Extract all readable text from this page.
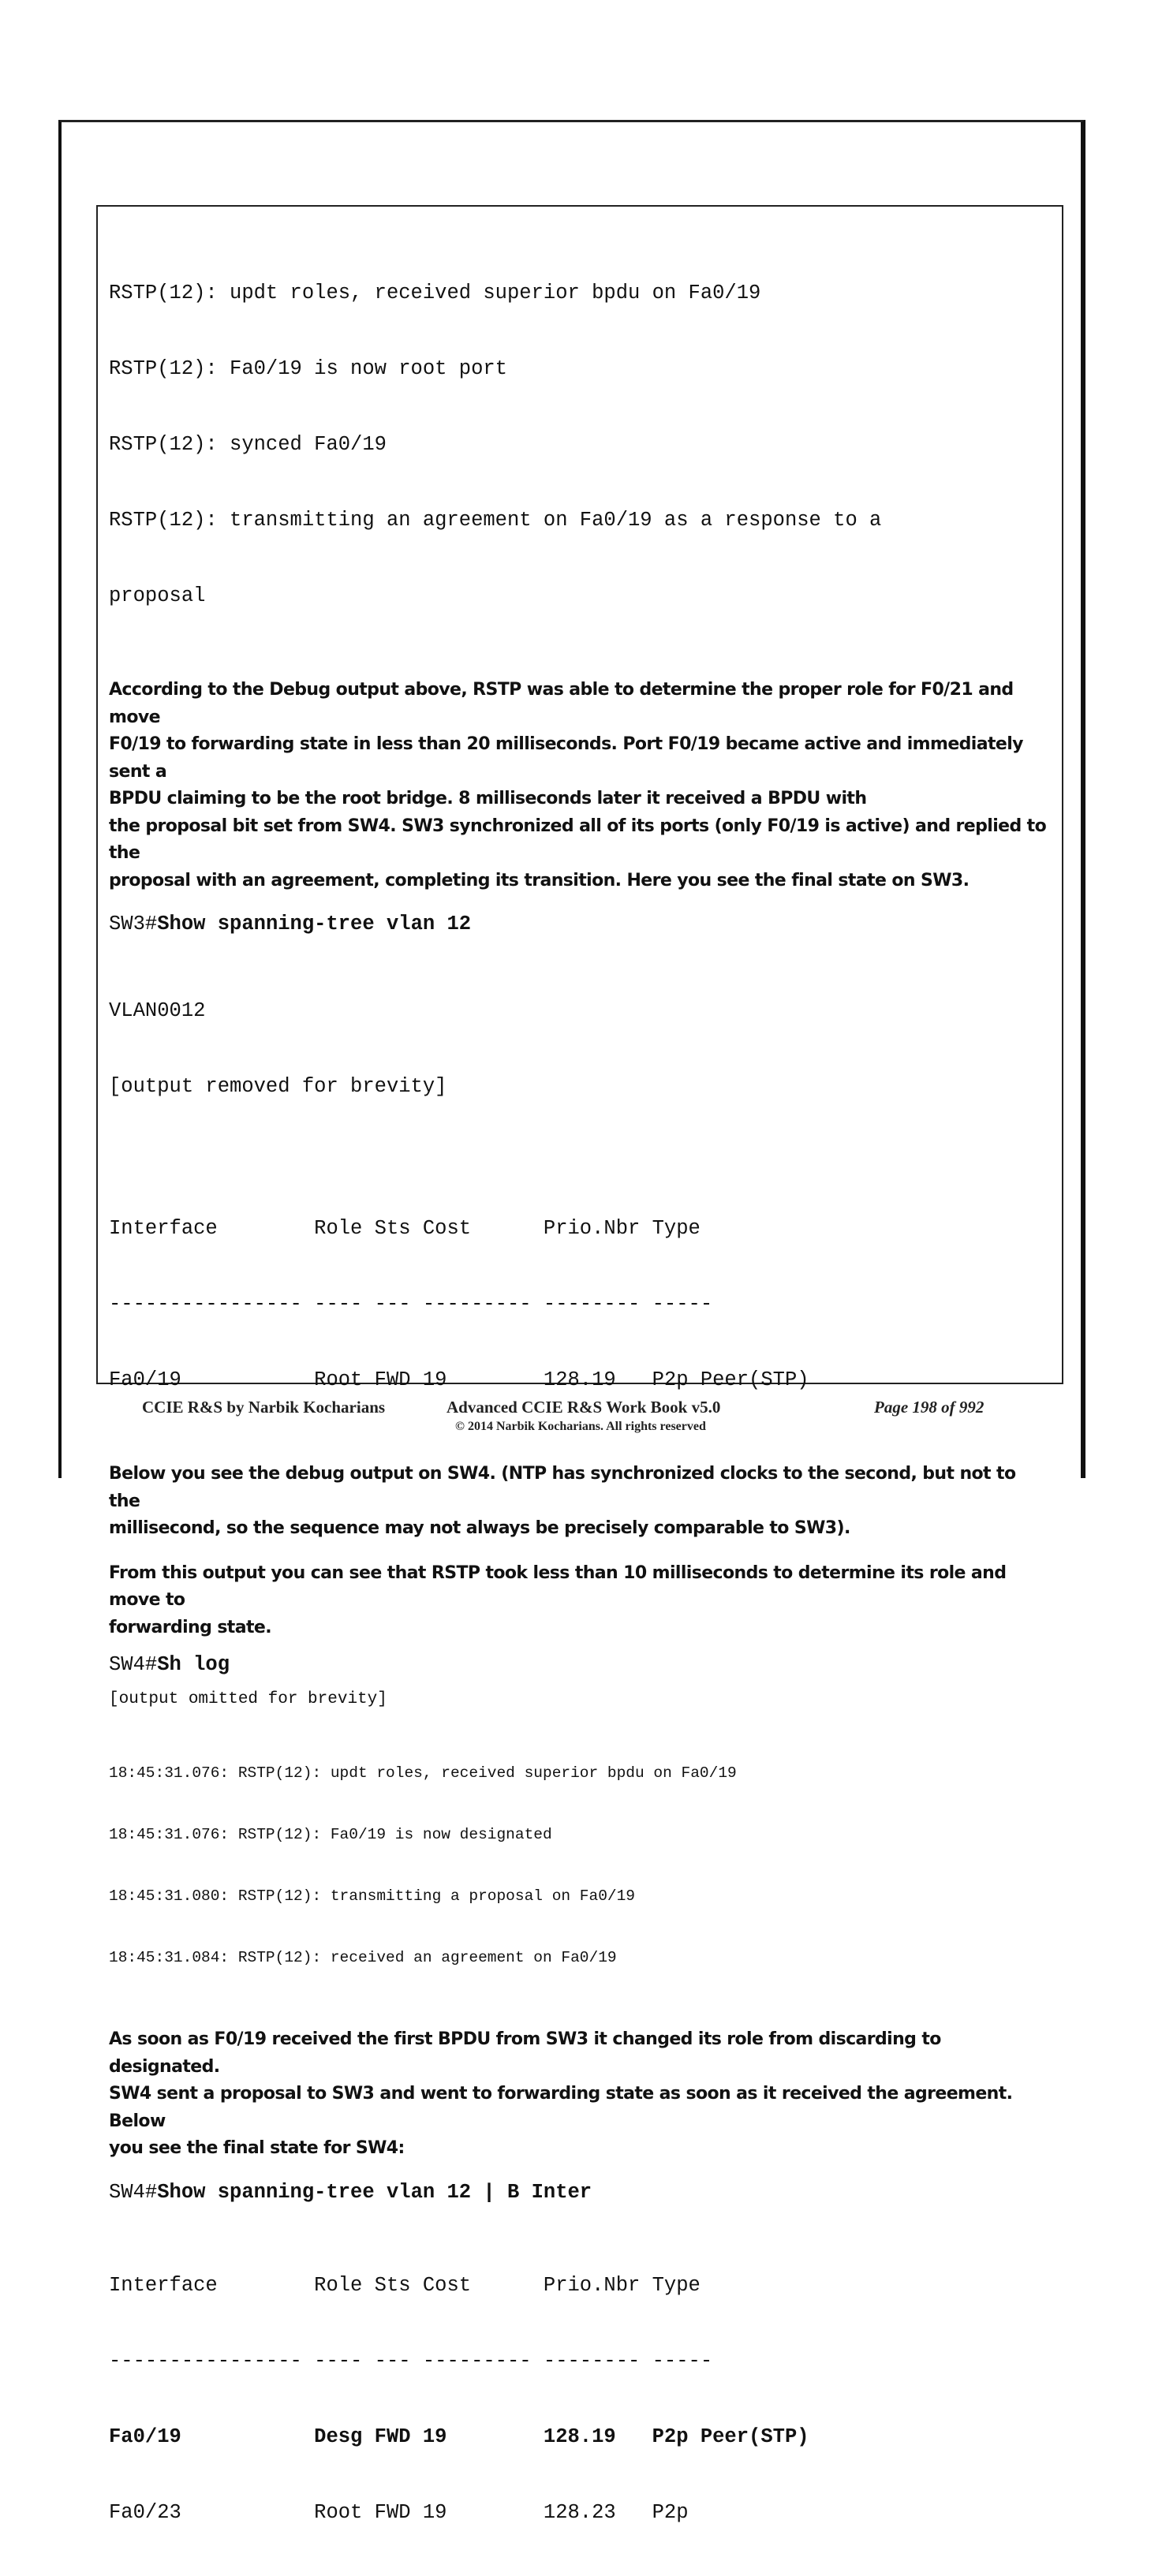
RSTP(12): updt roles, received superior bpdu on Fa0/19

RSTP(12): Fa0/19 is now root port

RSTP(12): synced Fa0/19

RSTP(12): transmitting an agreement on Fa0/19 as a response to a

proposal

According to the Debug output above, RSTP was able to determine the proper role for F0/21 and move
F0/19 to forwarding state in less than 20 milliseconds. Port F0/19 became active and immediately sent a
BPDU claiming to be the root bridge. 8 milliseconds later it received a BPDU with
the proposal bit set from SW4. SW3 synchronized all of its ports (only F0/19 is active) and replied to the
proposal with an agreement, completing its transition. Here you see the final state on SW3.
SW3#Show spanning-tree vlan 12

VLAN0012

[output removed for brevity]

Interface        Role Sts Cost      Prio.Nbr Type

---------------- ---- --- --------- -------- -----

Fa0/19           Root FWD 19        128.19   P2p Peer(STP)

Below you see the debug output on SW4. (NTP has synchronized clocks to the second, but not to the
millisecond, so the sequence may not always be precisely comparable to SW3).
From this output you can see that RSTP took less than 10 milliseconds to determine its role and move to
forwarding state.
SW4#Sh log
[output omitted for brevity]

18:45:31.076: RSTP(12): updt roles, received superior bpdu on Fa0/19

18:45:31.076: RSTP(12): Fa0/19 is now designated

18:45:31.080: RSTP(12): transmitting a proposal on Fa0/19

18:45:31.084: RSTP(12): received an agreement on Fa0/19

As soon as F0/19 received the first BPDU from SW3 it changed its role from discarding to designated.
SW4 sent a proposal to SW3 and went to forwarding state as soon as it received the agreement. Below
you see the final state for SW4:
SW4#Show spanning-tree vlan 12 | B Inter

Interface        Role Sts Cost      Prio.Nbr Type

---------------- ---- --- --------- -------- -----

Fa0/19           Desg FWD 19        128.19   P2p Peer(STP)

Fa0/23           Root FWD 19        128.23   P2p

CCIE R&S by Narbik Kocharians	Advanced CCIE R&S Work Book v5.0
© 2014 Narbik Kocharians. All rights reserved
Page 198 of 992
